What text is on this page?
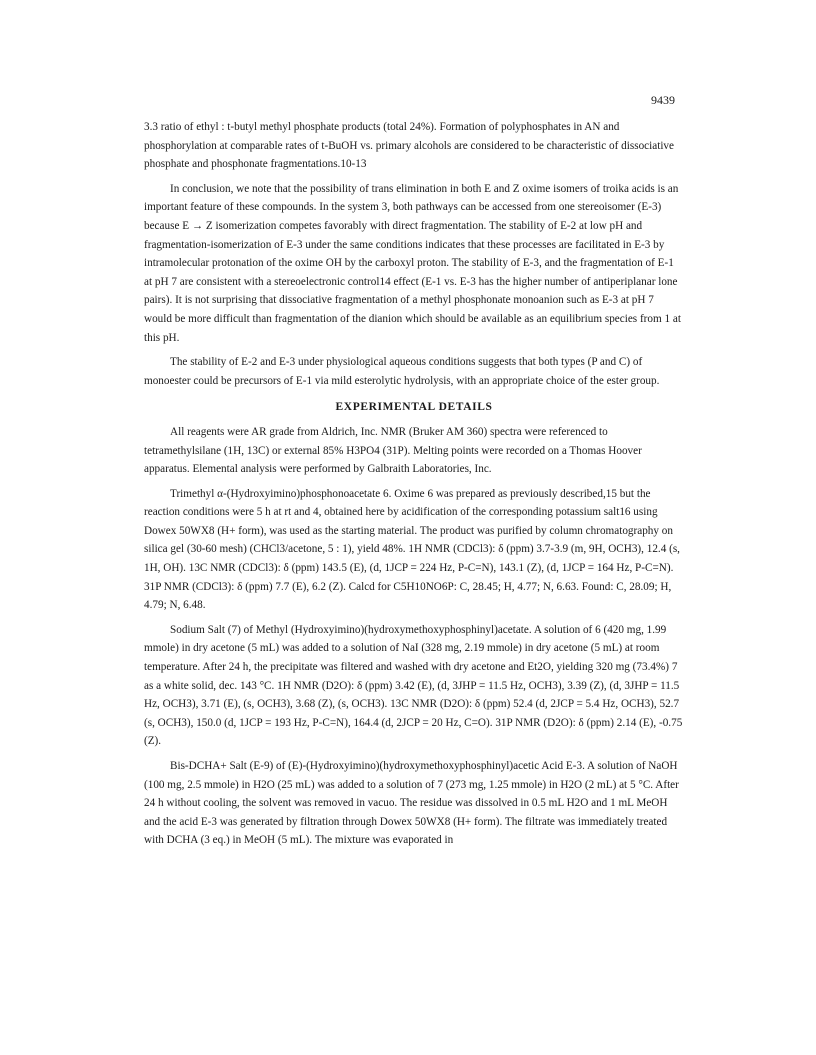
9439

3.3 ratio of ethyl : t-butyl methyl phosphate products (total 24%). Formation of polyphosphates in AN and phosphorylation at comparable rates of t-BuOH vs. primary alcohols are considered to be characteristic of dissociative phosphate and phosphonate fragmentations.10-13

In conclusion, we note that the possibility of trans elimination in both E and Z oxime isomers of troika acids is an important feature of these compounds. In the system 3, both pathways can be accessed from one stereoisomer (E-3) because E → Z isomerization competes favorably with direct fragmentation. The stability of E-2 at low pH and fragmentation-isomerization of E-3 under the same conditions indicates that these processes are facilitated in E-3 by intramolecular protonation of the oxime OH by the carboxyl proton. The stability of E-3, and the fragmentation of E-1 at pH 7 are consistent with a stereoelectronic control14 effect (E-1 vs. E-3 has the higher number of antiperiplanar lone pairs). It is not surprising that dissociative fragmentation of a methyl phosphonate monoanion such as E-3 at pH 7 would be more difficult than fragmentation of the dianion which should be available as an equilibrium species from 1 at this pH.

The stability of E-2 and E-3 under physiological aqueous conditions suggests that both types (P and C) of monoester could be precursors of E-1 via mild esterolytic hydrolysis, with an appropriate choice of the ester group.

EXPERIMENTAL DETAILS

All reagents were AR grade from Aldrich, Inc. NMR (Bruker AM 360) spectra were referenced to tetramethylsilane (1H, 13C) or external 85% H3PO4 (31P). Melting points were recorded on a Thomas Hoover apparatus. Elemental analysis were performed by Galbraith Laboratories, Inc.

Trimethyl α-(Hydroxyimino)phosphonoacetate 6. Oxime 6 was prepared as previously described,15 but the reaction conditions were 5 h at rt and 4, obtained here by acidification of the corresponding potassium salt16 using Dowex 50WX8 (H+ form), was used as the starting material. The product was purified by column chromatography on silica gel (30-60 mesh) (CHCl3/acetone, 5 : 1), yield 48%. 1H NMR (CDCl3): δ (ppm) 3.7-3.9 (m, 9H, OCH3), 12.4 (s, 1H, OH). 13C NMR (CDCl3): δ (ppm) 143.5 (E), (d, 1JCP = 224 Hz, P-C=N), 143.1 (Z), (d, 1JCP = 164 Hz, P-C=N). 31P NMR (CDCl3): δ (ppm) 7.7 (E), 6.2 (Z). Calcd for C5H10NO6P: C, 28.45; H, 4.77; N, 6.63. Found: C, 28.09; H, 4.79; N, 6.48.

Sodium Salt (7) of Methyl (Hydroxyimino)(hydroxymethoxyphosphinyl)acetate. A solution of 6 (420 mg, 1.99 mmole) in dry acetone (5 mL) was added to a solution of NaI (328 mg, 2.19 mmole) in dry acetone (5 mL) at room temperature. After 24 h, the precipitate was filtered and washed with dry acetone and Et2O, yielding 320 mg (73.4%) 7 as a white solid, dec. 143 °C. 1H NMR (D2O): δ (ppm) 3.42 (E), (d, 3JHP = 11.5 Hz, OCH3), 3.39 (Z), (d, 3JHP = 11.5 Hz, OCH3), 3.71 (E), (s, OCH3), 3.68 (Z), (s, OCH3). 13C NMR (D2O): δ (ppm) 52.4 (d, 2JCP = 5.4 Hz, OCH3), 52.7 (s, OCH3), 150.0 (d, 1JCP = 193 Hz, P-C=N), 164.4 (d, 2JCP = 20 Hz, C=O). 31P NMR (D2O): δ (ppm) 2.14 (E), -0.75 (Z).

Bis-DCHA+ Salt (E-9) of (E)-(Hydroxyimino)(hydroxymethoxyphosphinyl)acetic Acid E-3. A solution of NaOH (100 mg, 2.5 mmole) in H2O (25 mL) was added to a solution of 7 (273 mg, 1.25 mmole) in H2O (2 mL) at 5 °C. After 24 h without cooling, the solvent was removed in vacuo. The residue was dissolved in 0.5 mL H2O and 1 mL MeOH and the acid E-3 was generated by filtration through Dowex 50WX8 (H+ form). The filtrate was immediately treated with DCHA (3 eq.) in MeOH (5 mL). The mixture was evaporated in
